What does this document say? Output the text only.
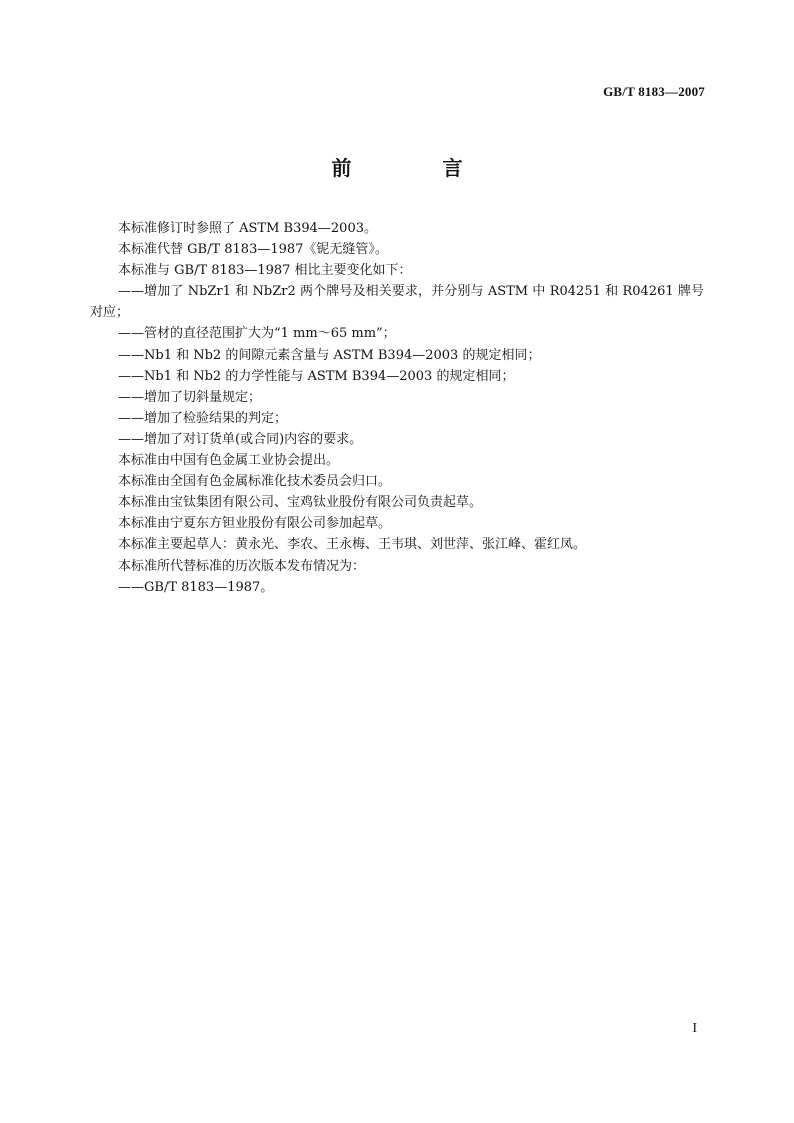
GB/T 8183—2007
前 言

本标准修订时参照了 ASTM B394—2003。

本标准代替 GB/T 8183—1987《铌无缝管》。

本标准与 GB/T 8183—1987 相比主要变化如下：

——增加了 NbZr1 和 NbZr2 两个牌号及相关要求，并分别与 ASTM 中 R04251 和 R04261 牌号对应；

——管材的直径范围扩大为“1 mm～65 mm”；

——Nb1 和 Nb2 的间隙元素含量与 ASTM B394—2003 的规定相同；

——Nb1 和 Nb2 的力学性能与 ASTM B394—2003 的规定相同；

——增加了切斜量规定；

——增加了检验结果的判定；

——增加了对订货单(或合同)内容的要求。

本标准由中国有色金属工业协会提出。

本标准由全国有色金属标准化技术委员会归口。

本标准由宝钛集团有限公司、宝鸡钛业股份有限公司负责起草。

本标准由宁夏东方钽业股份有限公司参加起草。

本标准主要起草人：黄永光、李农、王永梅、王韦琪、刘世萍、张江峰、霍红凤。

本标准所代替标准的历次版本发布情况为：

——GB/T 8183—1987。

I
